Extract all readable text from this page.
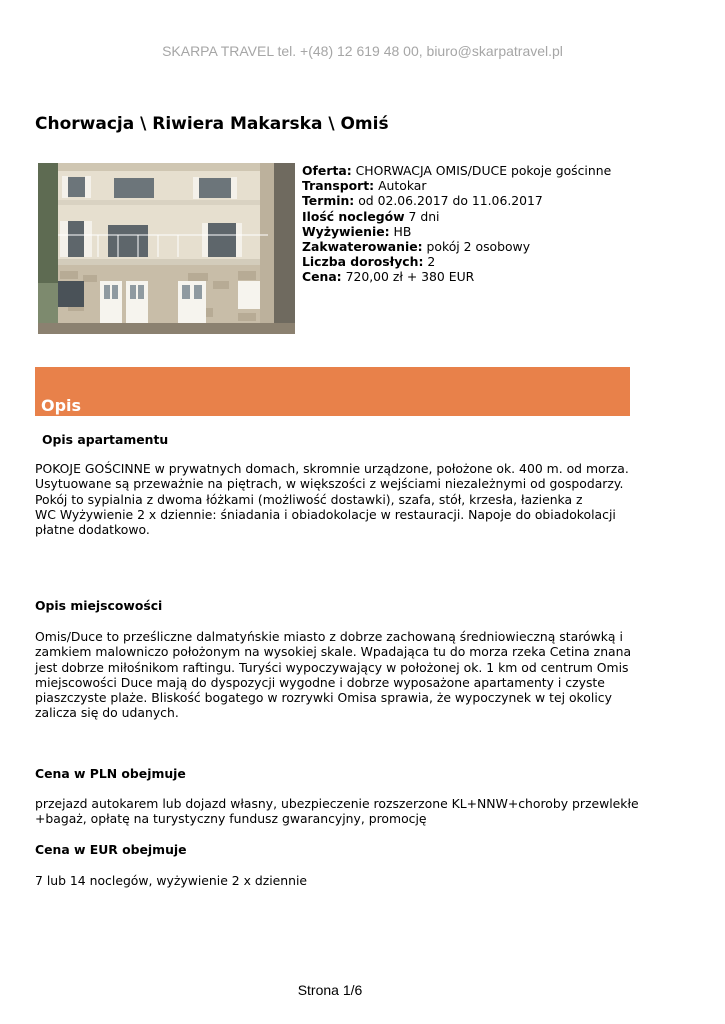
SKARPA TRAVEL tel. +(48) 12 619 48 00, biuro@skarpatravel.pl
Chorwacja \ Riwiera Makarska \ Omiś
Oferta: CHORWACJA OMIS/DUCE pokoje gościnne
Transport: Autokar
Termin: od 02.06.2017 do 11.06.2017
Ilość noclegów 7 dni
Wyżywienie: HB
Zakwaterowanie: pokój 2 osobowy
Liczba dorosłych: 2
Cena: 720,00 zł + 380 EUR
Opis
Opis apartamentu
POKOJE GOŚCINNE w prywatnych domach, skromnie urządzone, położone ok. 400 m. od morza.
Usytuowane są przeważnie na piętrach, w większości z wejściami niezależnymi od gospodarzy.
Pokój to sypialnia z dwoma łóżkami (możliwość dostawki), szafa, stół, krzesła, łazienka z
WC Wyżywienie 2 x dziennie: śniadania i obiadokolacje w restauracji. Napoje do obiadokolacji
płatne dodatkowo.
Opis miejscowości
Omis/Duce to prześliczne dalmatyńskie miasto z dobrze zachowaną średniowieczną starówką i
zamkiem malowniczo położonym na wysokiej skale. Wpadająca tu do morza rzeka Cetina znana
jest dobrze miłośnikom raftingu. Turyści wypoczywający w położonej ok. 1 km od centrum Omis
miejscowości Duce mają do dyspozycji wygodne i dobrze wyposażone apartamenty i czyste
piaszczyste plaże. Bliskość bogatego w rozrywki Omisa sprawia, że wypoczynek w tej okolicy
zalicza się do udanych.
Cena w PLN obejmuje
przejazd autokarem lub dojazd własny, ubezpieczenie rozszerzone KL+NNW+choroby przewlekłe
+bagaż, opłatę na turystyczny fundusz gwarancyjny, promocję
Cena w EUR obejmuje
7 lub 14 noclegów, wyżywienie 2 x dziennie
Strona 1/6
